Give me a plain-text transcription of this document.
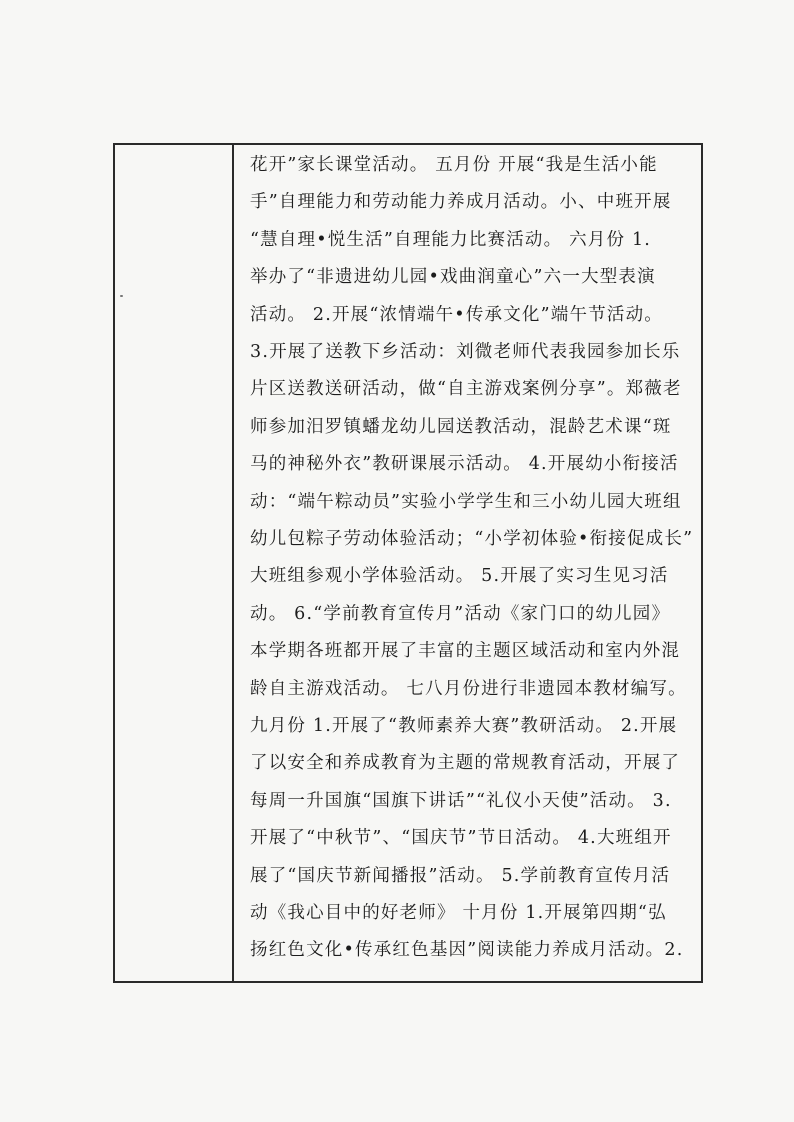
花开”家长课堂活动。 五月份 开展“我是生活小能
手”自理能力和劳动能力养成月活动。小、中班开展
“慧自理•悦生活”自理能力比赛活动。 六月份 1.
举办了“非遗进幼儿园•戏曲润童心”六一大型表演
活动。 2.开展“浓情端午•传承文化”端午节活动。
3.开展了送教下乡活动：刘微老师代表我园参加长乐
片区送教送研活动，做“自主游戏案例分享”。郑薇老
师参加汨罗镇蟠龙幼儿园送教活动，混龄艺术课“斑
马的神秘外衣”教研课展示活动。 4.开展幼小衔接活
动：“端午粽动员”实验小学学生和三小幼儿园大班组
幼儿包粽子劳动体验活动；“小学初体验•衔接促成长”
大班组参观小学体验活动。 5.开展了实习生见习活
动。 6.“学前教育宣传月”活动《家门口的幼儿园》
本学期各班都开展了丰富的主题区域活动和室内外混
龄自主游戏活动。 七八月份进行非遗园本教材编写。
九月份 1.开展了“教师素养大赛”教研活动。 2.开展
了以安全和养成教育为主题的常规教育活动，开展了
每周一升国旗“国旗下讲话”“礼仪小天使”活动。 3.
开展了“中秋节”、“国庆节”节日活动。 4.大班组开
展了“国庆节新闻播报”活动。 5.学前教育宣传月活
动《我心目中的好老师》 十月份 1.开展第四期“弘
扬红色文化•传承红色基因”阅读能力养成月活动。2.
